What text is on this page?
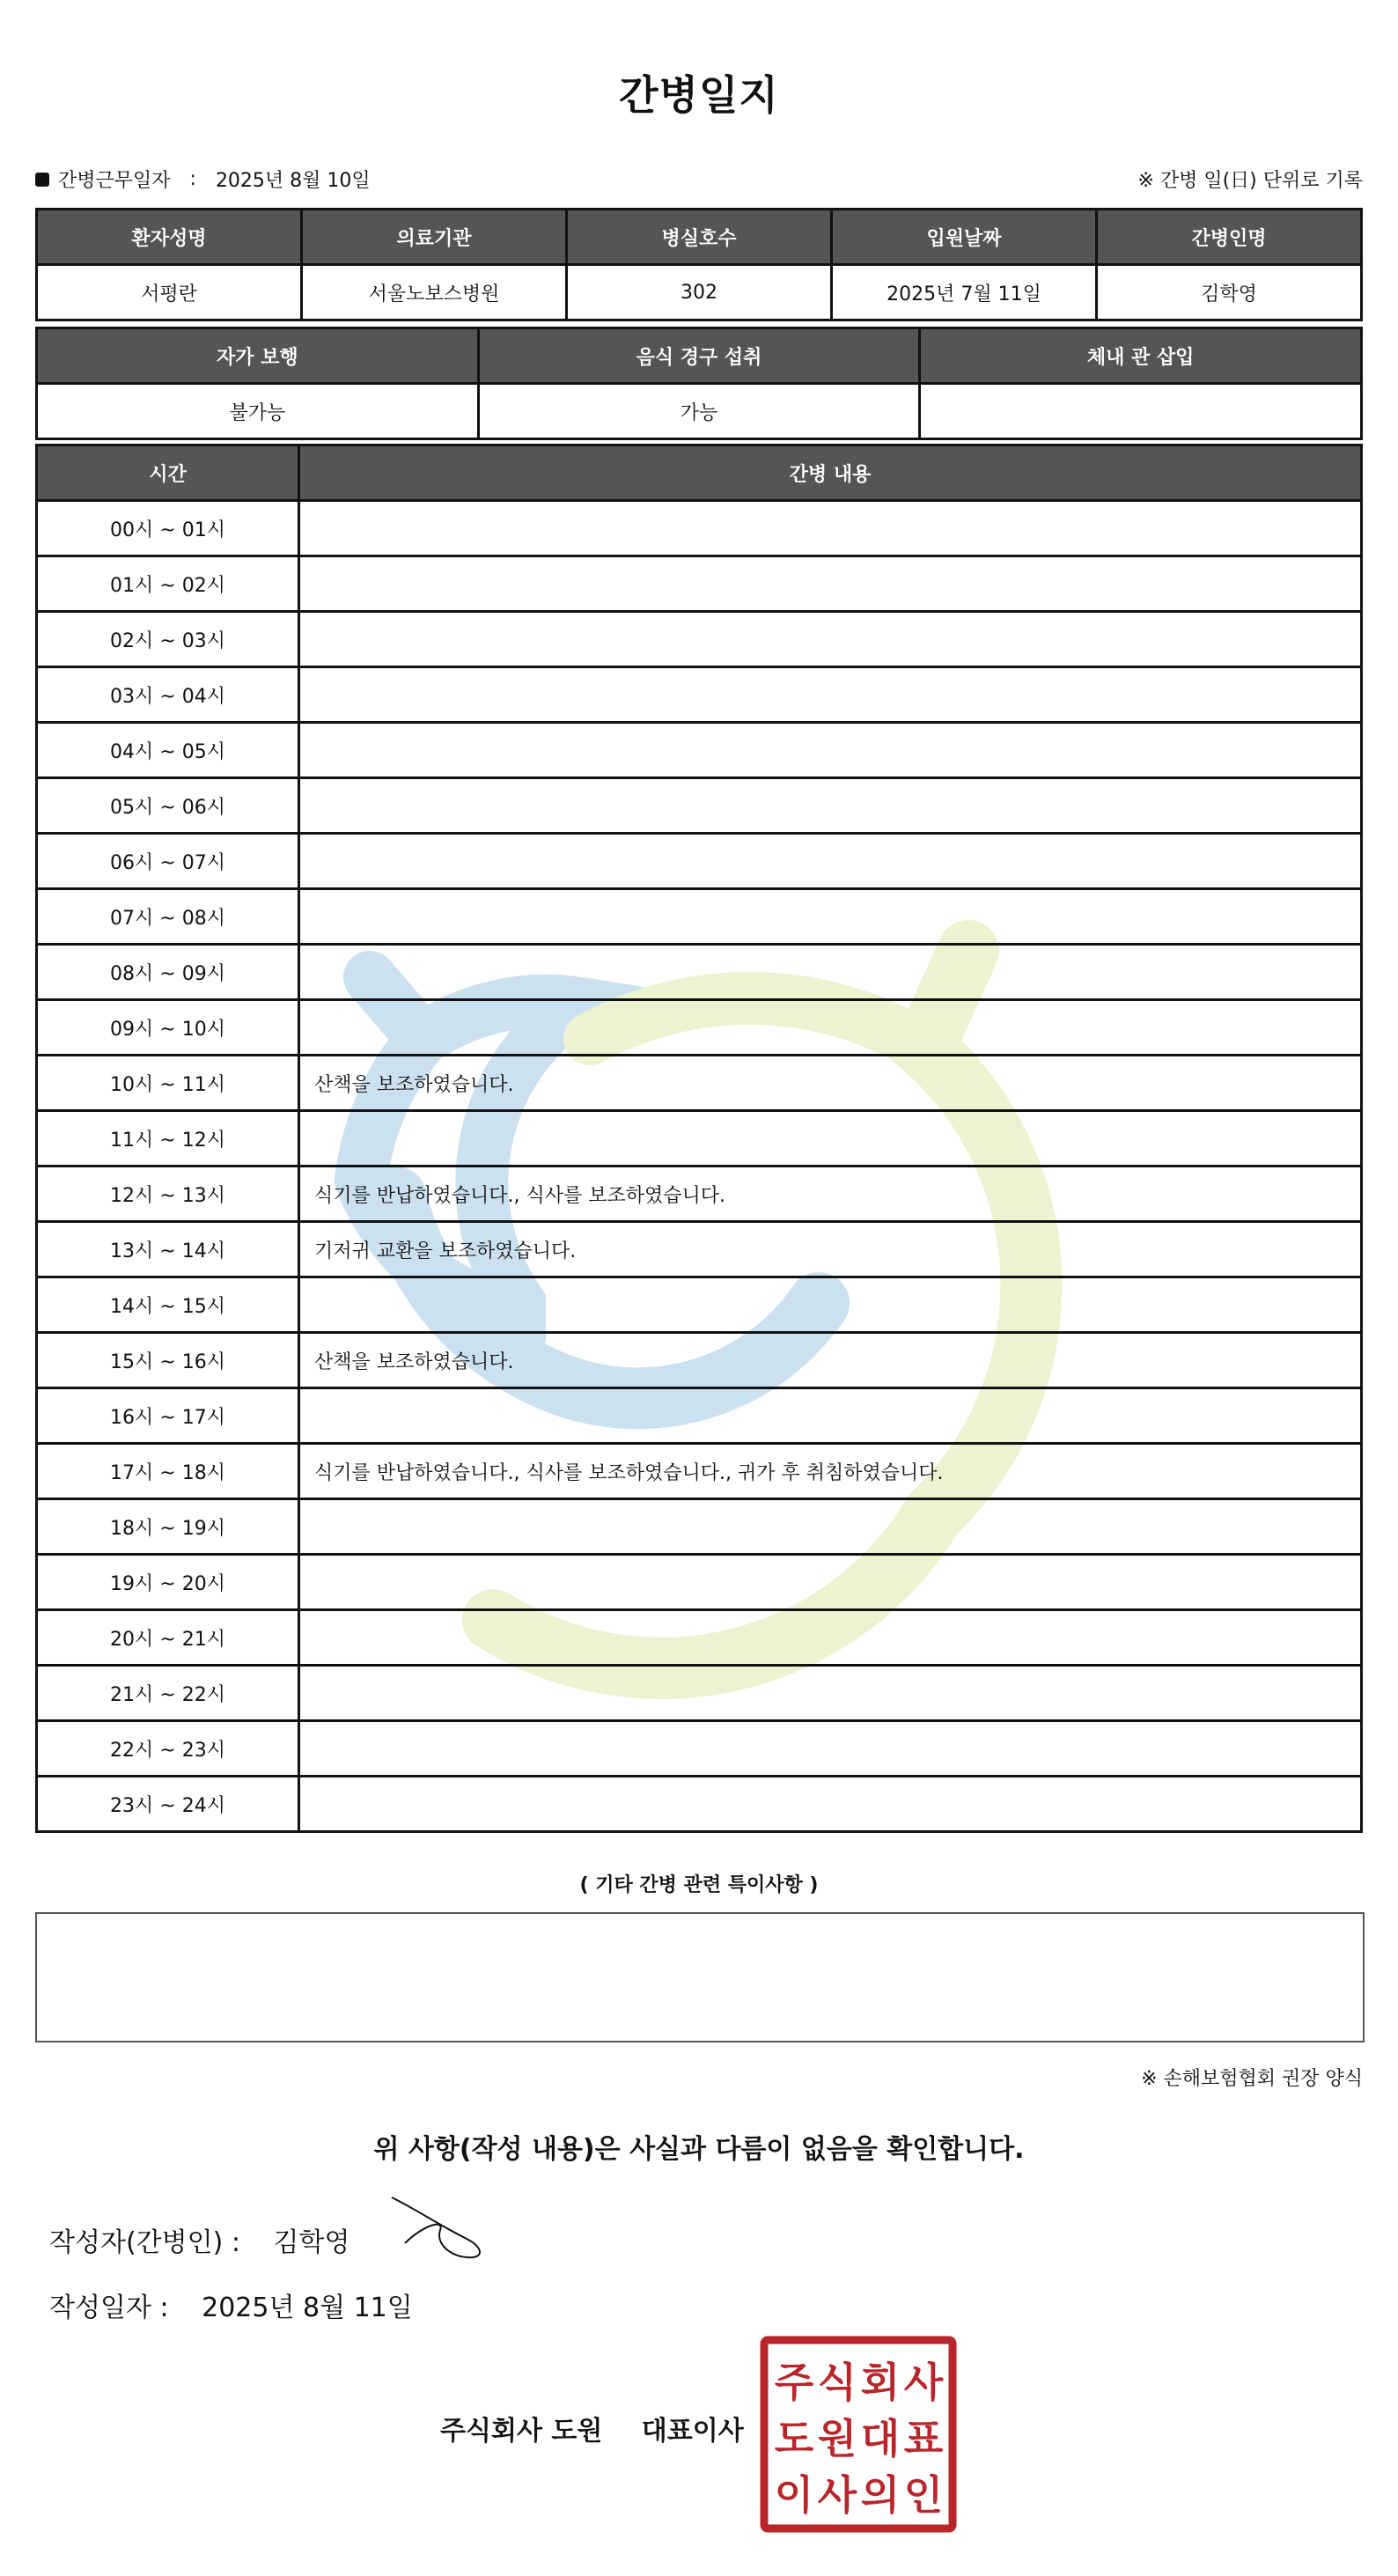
간병일지
간병근무일자 : 2025년 8월 10일	※ 간병 일(日) 단위로 기록
환자성명	의료기관	병실호수	입원날짜	간병인명
서평란	서울노보스병원	302	2025년 7월 11일	김학영
자가 보행	음식 경구 섭취	체내 관 삽입
불가능	가능	
시간	간병 내용
00시 ~ 01시	
01시 ~ 02시	
02시 ~ 03시	
03시 ~ 04시	
04시 ~ 05시	
05시 ~ 06시	
06시 ~ 07시	
07시 ~ 08시	
08시 ~ 09시	
09시 ~ 10시	
10시 ~ 11시	산책을 보조하였습니다.
11시 ~ 12시	
12시 ~ 13시	식기를 반납하였습니다., 식사를 보조하였습니다.
13시 ~ 14시	기저귀 교환을 보조하였습니다.
14시 ~ 15시	
15시 ~ 16시	산책을 보조하였습니다.
16시 ~ 17시	
17시 ~ 18시	식기를 반납하였습니다., 식사를 보조하였습니다., 귀가 후 취침하였습니다.
18시 ~ 19시	
19시 ~ 20시	
20시 ~ 21시	
21시 ~ 22시	
22시 ~ 23시	
23시 ~ 24시	
( 기타 간병 관련 특이사항 )
※ 손해보험협회 권장 양식
위 사항(작성 내용)은 사실과 다름이 없음을 확인합니다.
작성자(간병인) : 김학영
작성일자 : 2025년 8월 11일
주식회사 도원 대표이사
주 식 회 사
도 원 대 표
이 사 의 인
